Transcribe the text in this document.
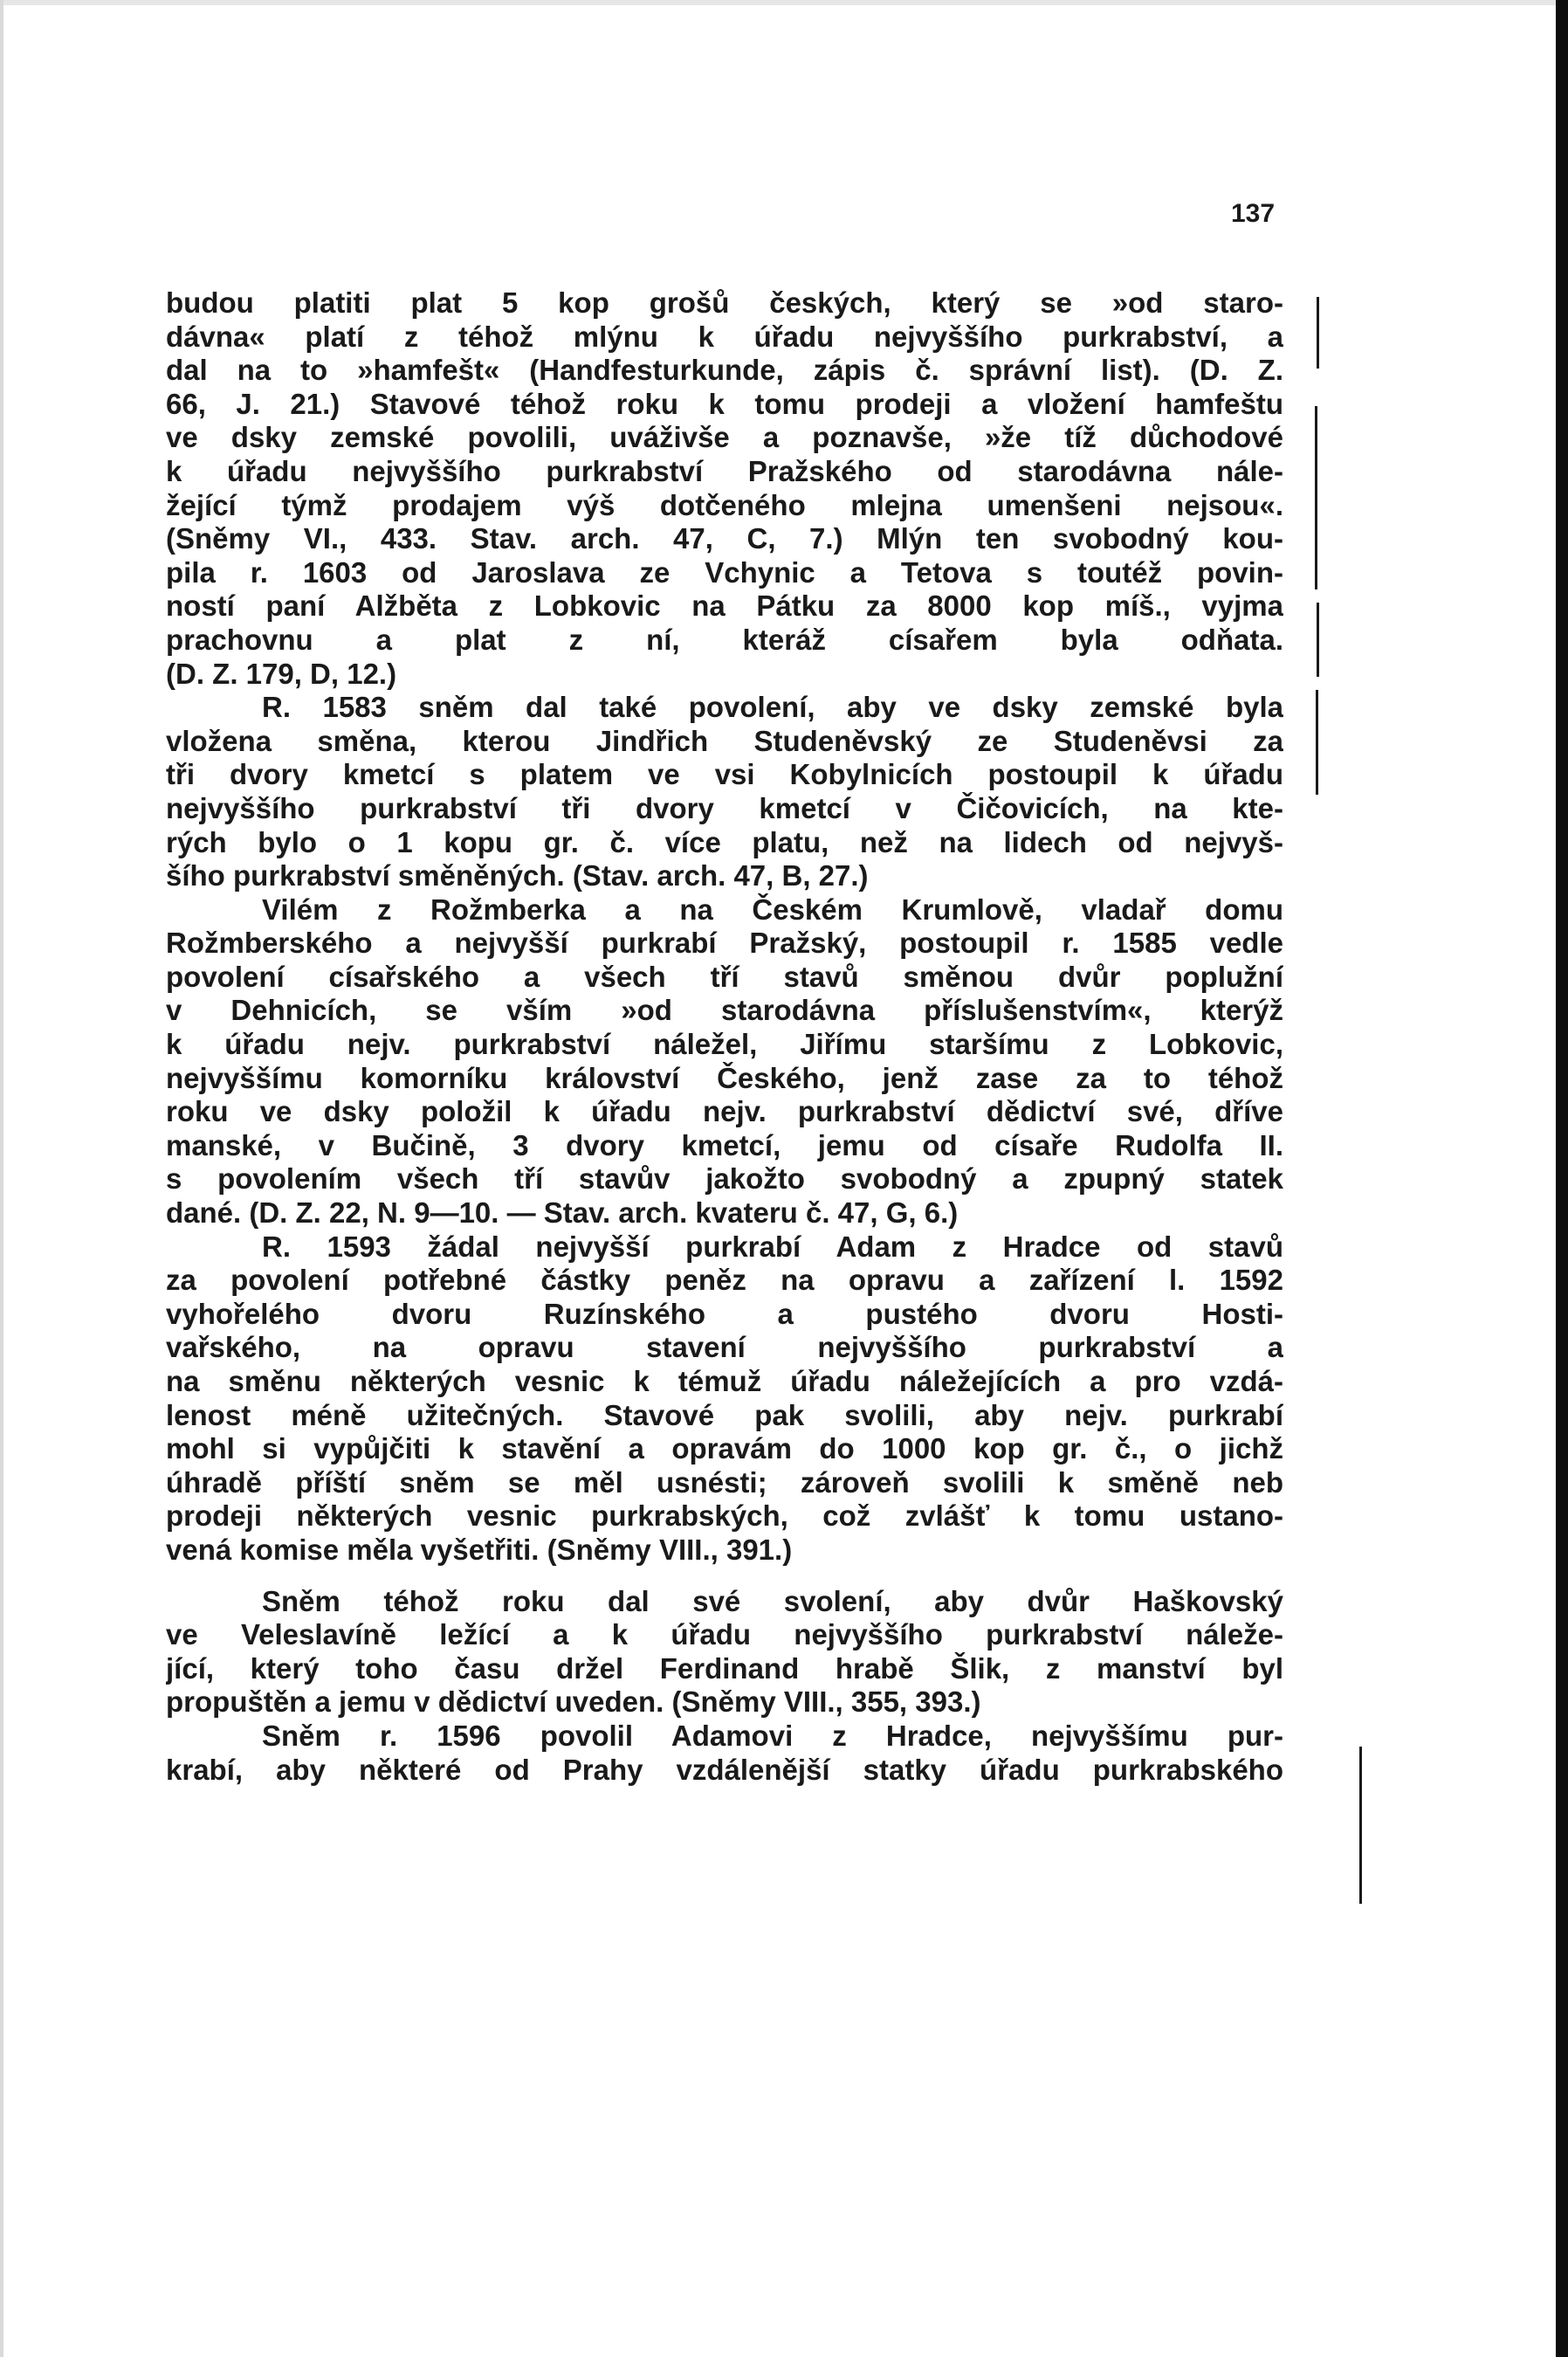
137
budou platiti plat 5 kop grošů českých, který se »od staro-
dávna« platí z téhož mlýnu k úřadu nejvyššího purkrabství, a
dal na to »hamfešt« (Handfesturkunde, zápis č. správní list). (D. Z.
66, J. 21.) Stavové téhož roku k tomu prodeji a vložení hamfeštu
ve dsky zemské povolili, uváživše a poznavše, »že tíž důchodové
k úřadu nejvyššího purkrabství Pražského od starodávna nále-
žející týmž prodajem výš dotčeného mlejna umenšeni nejsou«.
(Sněmy VI., 433. Stav. arch. 47, C, 7.) Mlýn ten svobodný kou-
pila r. 1603 od Jaroslava ze Vchynic a Tetova s toutéž povin-
ností paní Alžběta z Lobkovic na Pátku za 8000 kop míš., vyjma
prachovnu a plat z ní, kteráž císařem byla odňata.
(D. Z. 179, D, 12.)
R. 1583 sněm dal také povolení, aby ve dsky zemské byla
vložena směna, kterou Jindřich Studeněvský ze Studeněvsi za
tři dvory kmetcí s platem ve vsi Kobylnicích postoupil k úřadu
nejvyššího purkrabství tři dvory kmetcí v Čičovicích, na kte-
rých bylo o 1 kopu gr. č. více platu, než na lidech od nejvyš-
šího purkrabství směněných. (Stav. arch. 47, B, 27.)
Vilém z Rožmberka a na Českém Krumlově, vladař domu
Rožmberského a nejvyšší purkrabí Pražský, postoupil r. 1585 vedle
povolení císařského a všech tří stavů směnou dvůr poplužní
v Dehnicích, se vším »od starodávna příslušenstvím«, kterýž
k úřadu nejv. purkrabství náležel, Jiřímu staršímu z Lobkovic,
nejvyššímu komorníku království Českého, jenž zase za to téhož
roku ve dsky položil k úřadu nejv. purkrabství dědictví své, dříve
manské, v Bučině, 3 dvory kmetcí, jemu od císaře Rudolfa II.
s povolením všech tří stavův jakožto svobodný a zpupný statek
dané. (D. Z. 22, N. 9—10. — Stav. arch. kvateru č. 47, G, 6.)
R. 1593 žádal nejvyšší purkrabí Adam z Hradce od stavů
za povolení potřebné částky peněz na opravu a zařízení l. 1592
vyhořelého dvoru Ruzínského a pustého dvoru Hosti-
vařského, na opravu stavení nejvyššího purkrabství a
na směnu některých vesnic k témuž úřadu náležejících a pro vzdá-
lenost méně užitečných. Stavové pak svolili, aby nejv. purkrabí
mohl si vypůjčiti k stavění a opravám do 1000 kop gr. č., o jichž
úhradě příští sněm se měl usnésti; zároveň svolili k směně neb
prodeji některých vesnic purkrabských, což zvlášť k tomu ustano-
vená komise měla vyšetřiti. (Sněmy VIII., 391.)
Sněm téhož roku dal své svolení, aby dvůr Haškovský
ve Veleslavíně ležící a k úřadu nejvyššího purkrabství náleže-
jící, který toho času držel Ferdinand hrabě Šlik, z manství byl
propuštěn a jemu v dědictví uveden. (Sněmy VIII., 355, 393.)
Sněm r. 1596 povolil Adamovi z Hradce, nejvyššímu pur-
krabí, aby některé od Prahy vzdálenější statky úřadu purkrabského
